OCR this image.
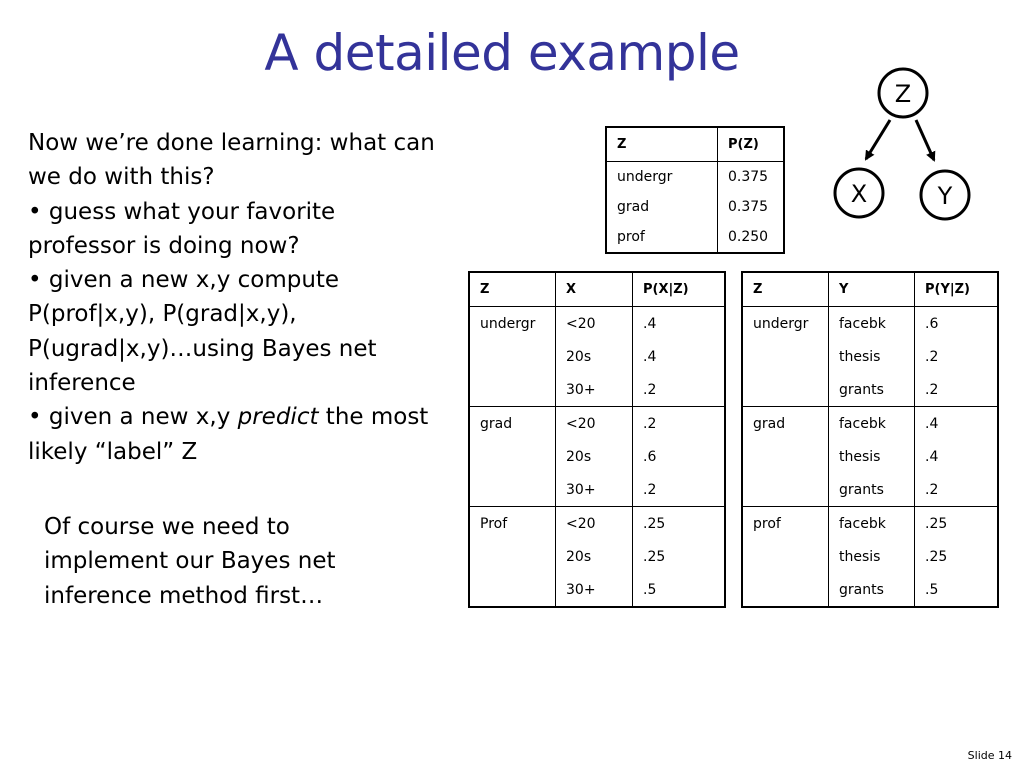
A detailed example

Now we’re done learning: what can we do with this?

• guess what your favorite professor is doing now?

• given a new x,y compute P(prof|x,y), P(grad|x,y), P(ugrad|x,y)…using Bayes net inference

• given a new x,y predict the most likely “label” Z

Of course we need to implement our Bayes net inference method first…

Z
X	Y
Z	P(Z)
undergr	0.375
grad	0.375
prof	0.250
Z	X	P(X|Z)
undergr	<20	.4
	20s	.4
	30+	.2
grad	<20	.2
	20s	.6
	30+	.2
Prof	<20	.25
	20s	.25
	30+	.5
Z	Y	P(Y|Z)
undergr	facebk	.6
	thesis	.2
	grants	.2
grad	facebk	.4
	thesis	.4
	grants	.2
prof	facebk	.25
	thesis	.25
	grants	.5
Slide 14
